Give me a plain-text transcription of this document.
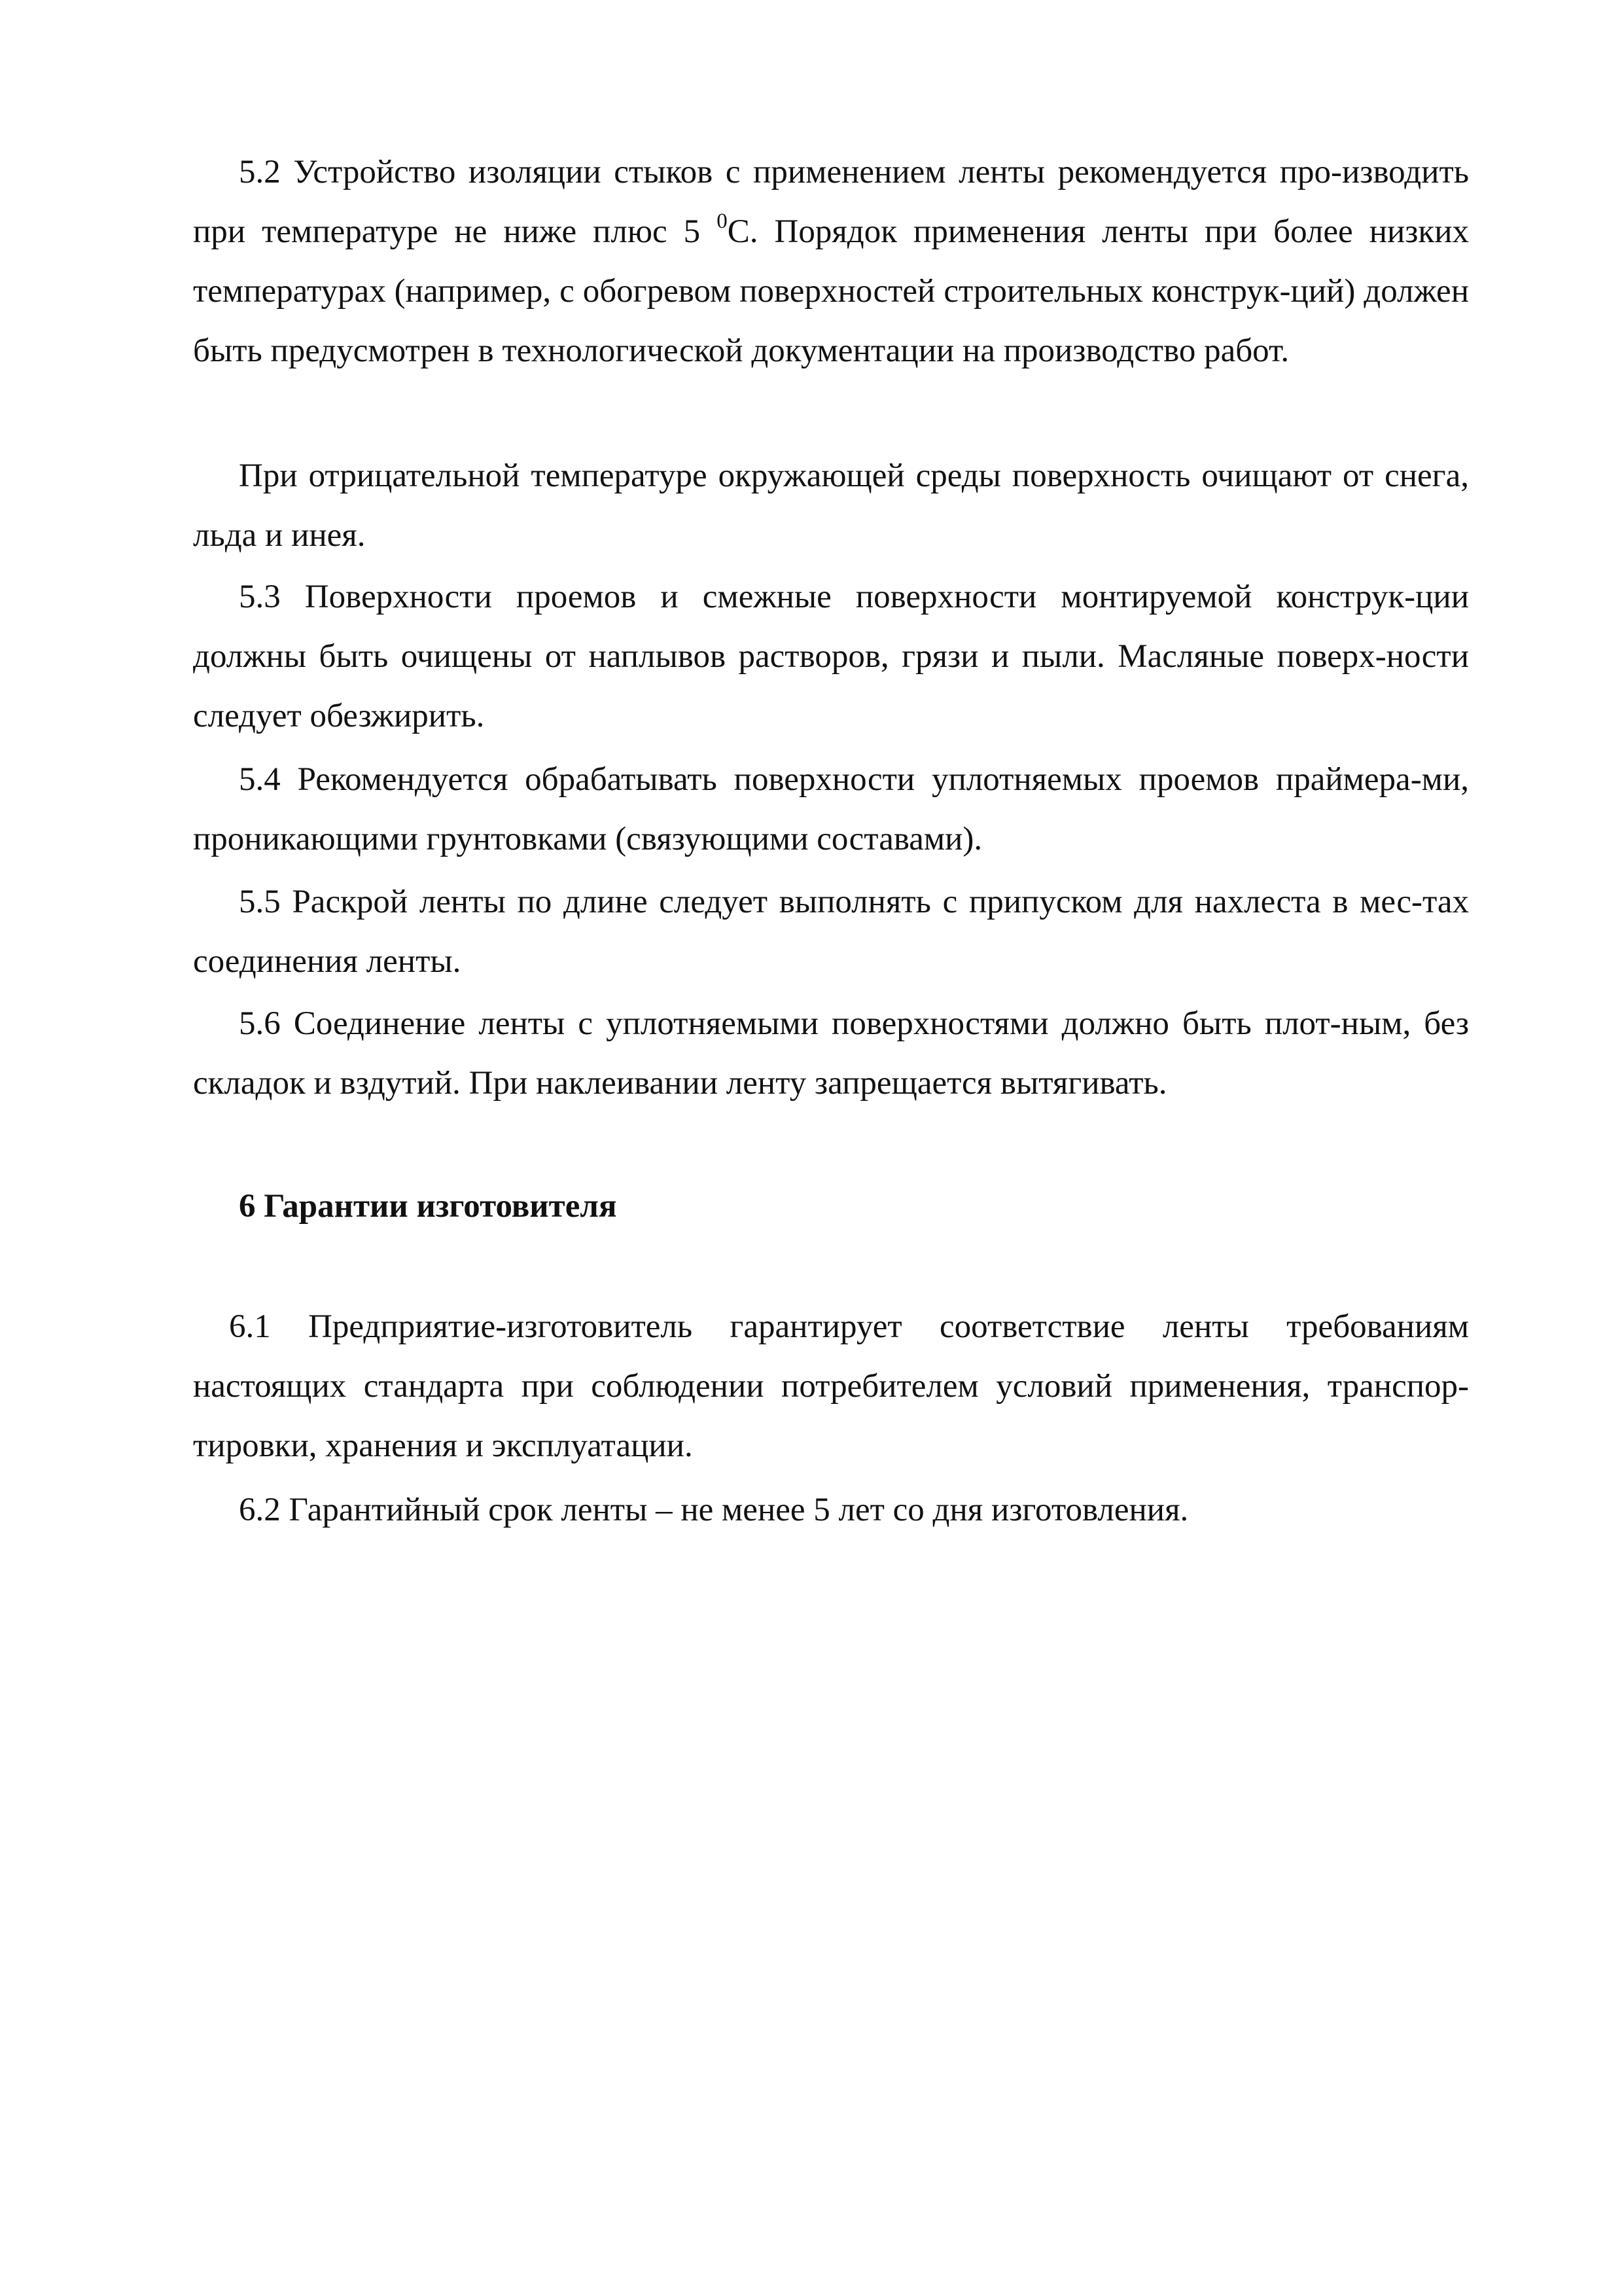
5.2 Устройство изоляции стыков с применением ленты рекомендуется про-изводить при температуре не ниже плюс 5 $^0$С. Порядок применения ленты при более низких температурах (например, с обогревом поверхностей строительных конструк-ций) должен быть предусмотрен в технологической документации на производство работ.

При отрицательной температуре окружающей среды поверхность очищают от снега, льда и инея.

5.3 Поверхности проемов и смежные поверхности монтируемой конструк-ции должны быть очищены от наплывов растворов, грязи и пыли. Масляные поверх-ности следует обезжирить.

5.4 Рекомендуется обрабатывать поверхности уплотняемых проемов праймера-ми, проникающими грунтовками (связующими составами).

5.5 Раскрой ленты по длине следует выполнять с припуском для нахлеста в мес-тах соединения ленты.

5.6 Соединение ленты с уплотняемыми поверхностями должно быть плот-ным, без складок и вздутий. При наклеивании ленту запрещается вытягивать.

6 Гарантии изготовителя

6.1 Предприятие-изготовитель гарантирует соответствие ленты требованиям настоящих стандарта при соблюдении потребителем условий применения, транспор-тировки, хранения и эксплуатации.

6.2 Гарантийный срок ленты – не менее 5 лет со дня изготовления.
